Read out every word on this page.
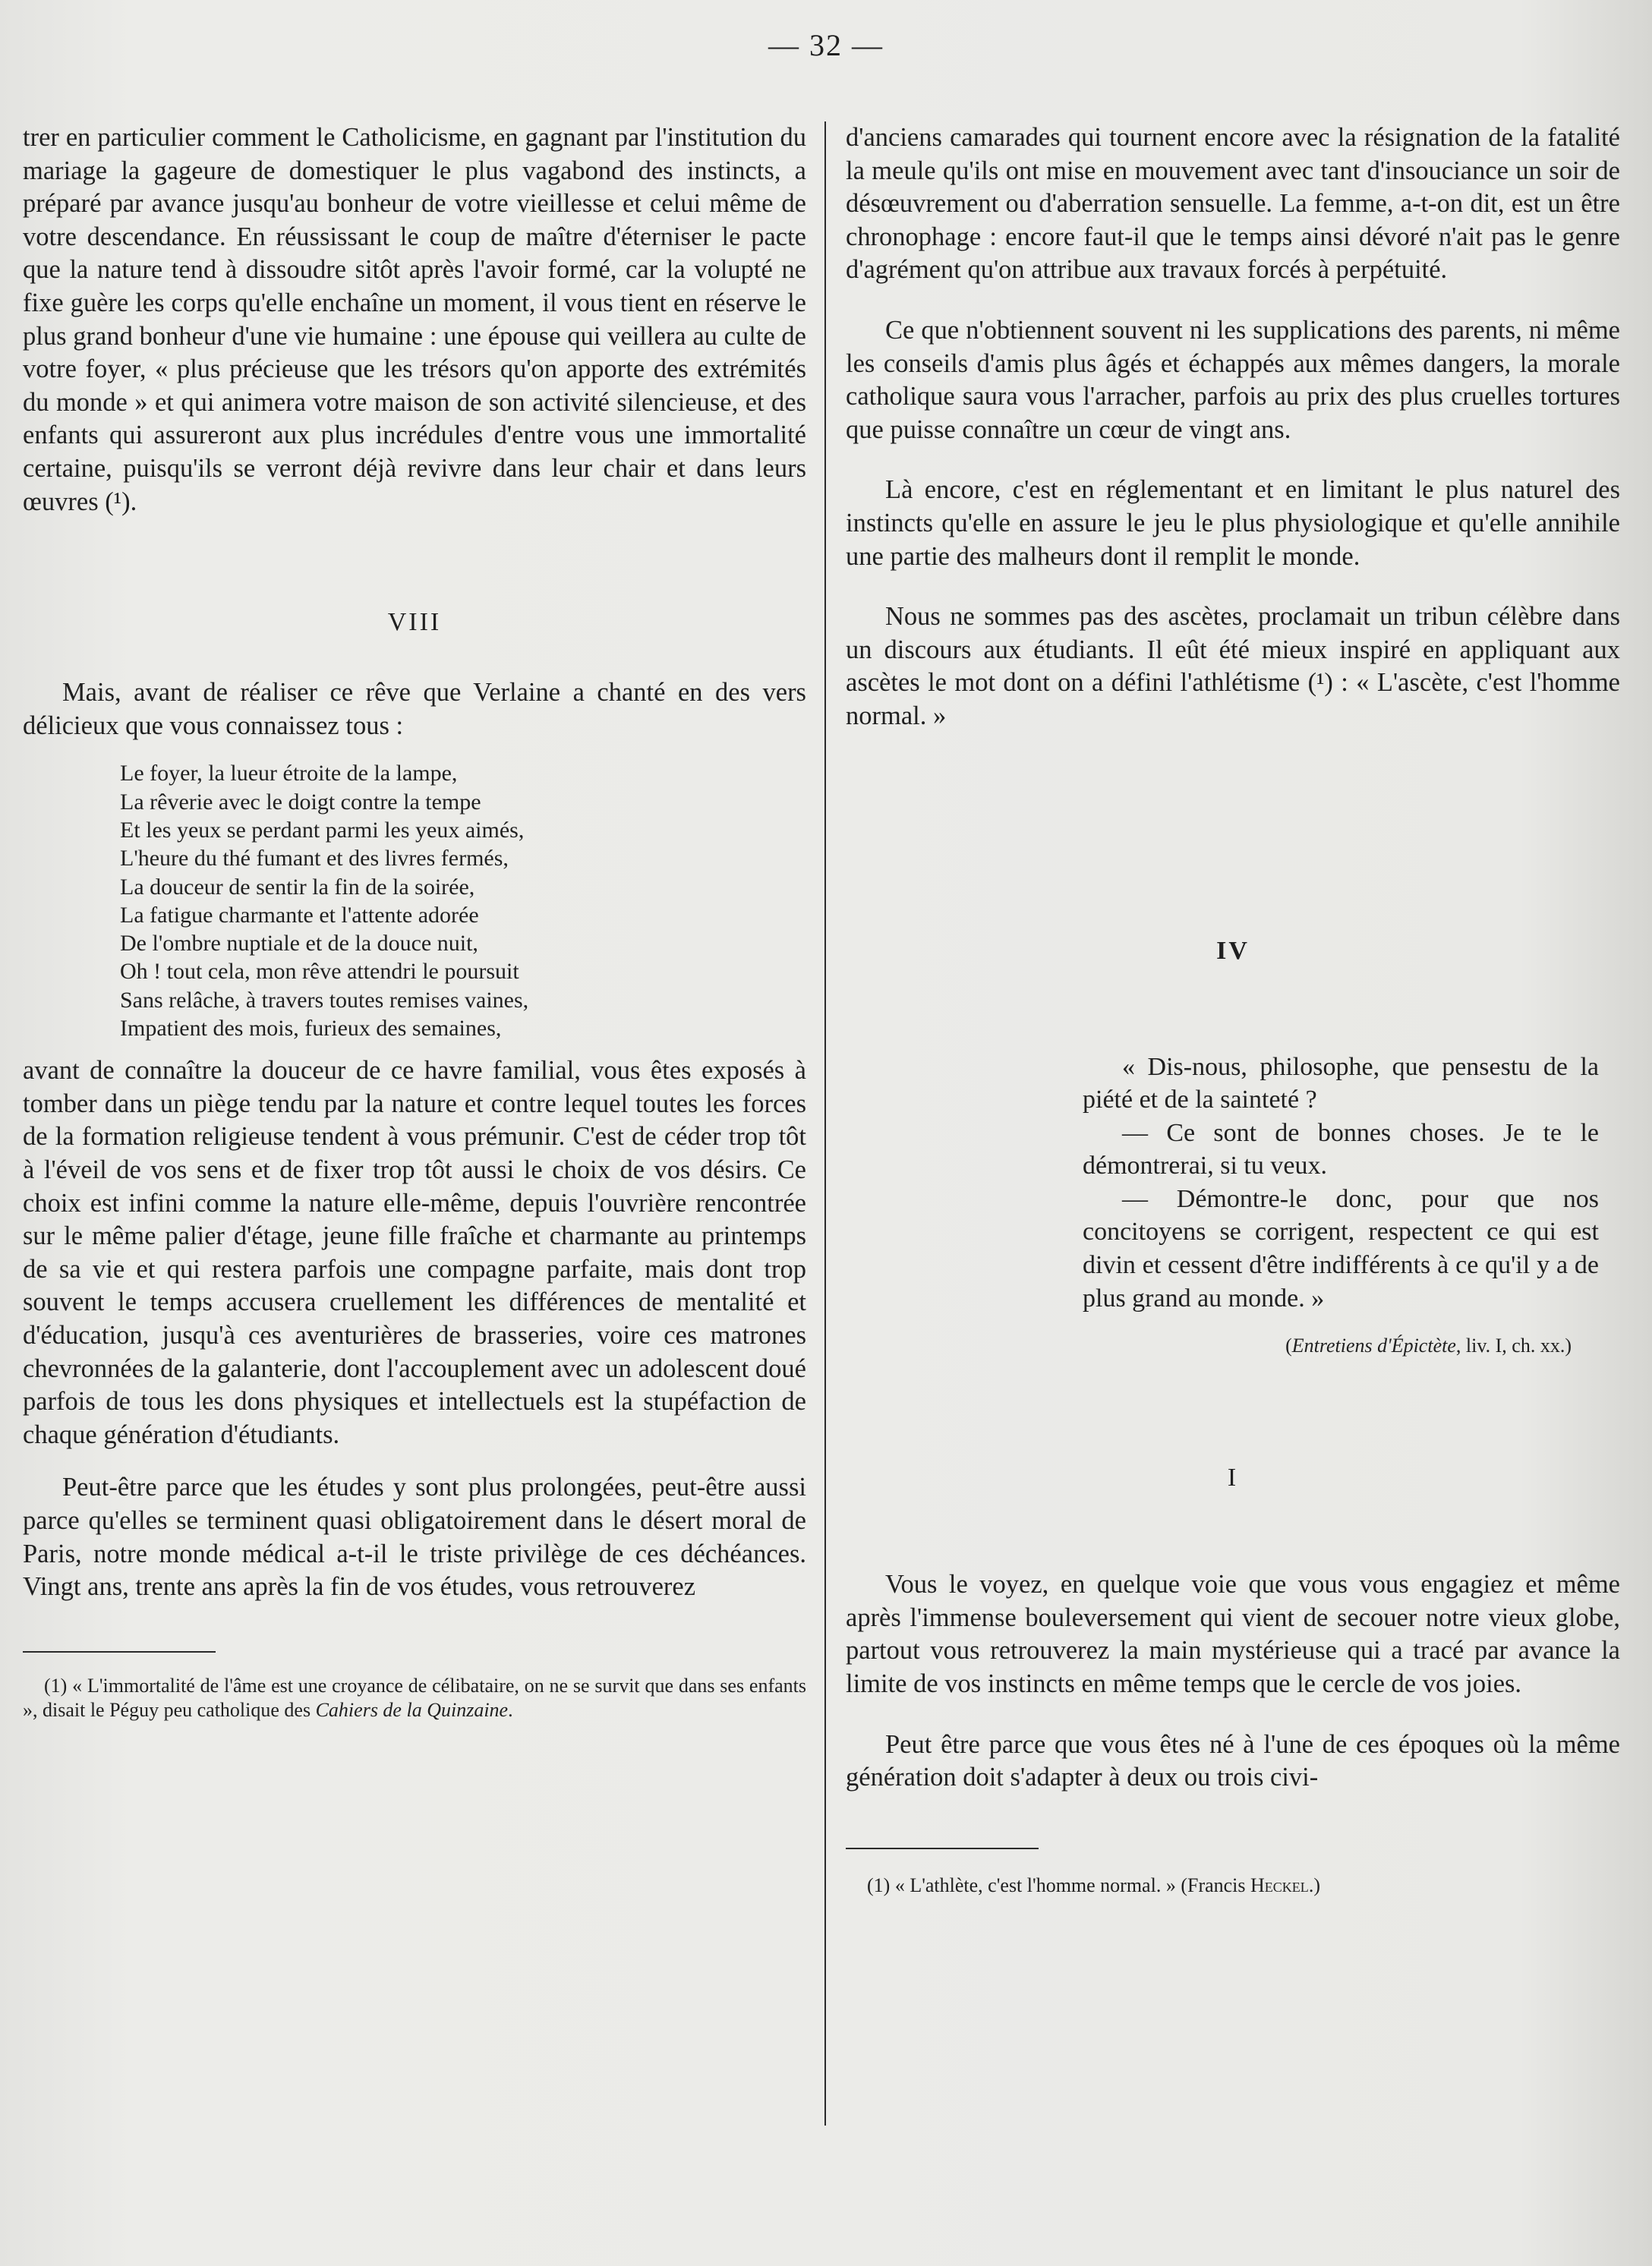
— 32 —

trer en particulier comment le Catholicisme, en gagnant par l'institution du mariage la gageure de domestiquer le plus vagabond des instincts, a préparé par avance jusqu'au bonheur de votre vieillesse et celui même de votre descendance. En réussissant le coup de maître d'éterniser le pacte que la nature tend à dissoudre sitôt après l'avoir formé, car la volupté ne fixe guère les corps qu'elle enchaîne un moment, il vous tient en réserve le plus grand bonheur d'une vie humaine : une épouse qui veillera au culte de votre foyer, « plus précieuse que les trésors qu'on apporte des extrémités du monde » et qui animera votre maison de son activité silencieuse, et des enfants qui assureront aux plus incrédules d'entre vous une immortalité certaine, puisqu'ils se verront déjà revivre dans leur chair et dans leurs œuvres (¹).

VIII

Mais, avant de réaliser ce rêve que Verlaine a chanté en des vers délicieux que vous connaissez tous :

Le foyer, la lueur étroite de la lampe,
La rêverie avec le doigt contre la tempe
Et les yeux se perdant parmi les yeux aimés,
L'heure du thé fumant et des livres fermés,
La douceur de sentir la fin de la soirée,
La fatigue charmante et l'attente adorée
De l'ombre nuptiale et de la douce nuit,
Oh ! tout cela, mon rêve attendri le poursuit
Sans relâche, à travers toutes remises vaines,
Impatient des mois, furieux des semaines,

avant de connaître la douceur de ce havre familial, vous êtes exposés à tomber dans un piège tendu par la nature et contre lequel toutes les forces de la formation religieuse tendent à vous prémunir. C'est de céder trop tôt à l'éveil de vos sens et de fixer trop tôt aussi le choix de vos désirs. Ce choix est infini comme la nature elle-même, depuis l'ouvrière rencontrée sur le même palier d'étage, jeune fille fraîche et charmante au printemps de sa vie et qui restera parfois une compagne parfaite, mais dont trop souvent le temps accusera cruellement les différences de mentalité et d'éducation, jusqu'à ces aventurières de brasseries, voire ces matrones chevronnées de la galanterie, dont l'accouplement avec un adolescent doué parfois de tous les dons physiques et intellectuels est la stupéfaction de chaque génération d'étudiants.

Peut-être parce que les études y sont plus prolongées, peut-être aussi parce qu'elles se terminent quasi obligatoirement dans le désert moral de Paris, notre monde médical a-t-il le triste privilège de ces déchéances. Vingt ans, trente ans après la fin de vos études, vous retrouverez

(1) « L'immortalité de l'âme est une croyance de célibataire, on ne se survit que dans ses enfants », disait le Péguy peu catholique des Cahiers de la Quinzaine.

d'anciens camarades qui tournent encore avec la résignation de la fatalité la meule qu'ils ont mise en mouvement avec tant d'insouciance un soir de désœuvrement ou d'aberration sensuelle. La femme, a-t-on dit, est un être chronophage : encore faut-il que le temps ainsi dévoré n'ait pas le genre d'agrément qu'on attribue aux travaux forcés à perpétuité.

Ce que n'obtiennent souvent ni les supplications des parents, ni même les conseils d'amis plus âgés et échappés aux mêmes dangers, la morale catholique saura vous l'arracher, parfois au prix des plus cruelles tortures que puisse connaître un cœur de vingt ans.

Là encore, c'est en réglementant et en limitant le plus naturel des instincts qu'elle en assure le jeu le plus physiologique et qu'elle annihile une partie des malheurs dont il remplit le monde.

Nous ne sommes pas des ascètes, proclamait un tribun célèbre dans un discours aux étudiants. Il eût été mieux inspiré en appliquant aux ascètes le mot dont on a défini l'athlétisme (¹) : « L'ascète, c'est l'homme normal. »

IV

« Dis-nous, philosophe, que pensestu de la piété et de la sainteté ?

— Ce sont de bonnes choses. Je te le démontrerai, si tu veux.

— Démontre-le donc, pour que nos concitoyens se corrigent, respectent ce qui est divin et cessent d'être indifférents à ce qu'il y a de plus grand au monde. »

(Entretiens d'Épictète, liv. I, ch. xx.)
I

Vous le voyez, en quelque voie que vous vous engagiez et même après l'immense bouleversement qui vient de secouer notre vieux globe, partout vous retrouverez la main mystérieuse qui a tracé par avance la limite de vos instincts en même temps que le cercle de vos joies.

Peut être parce que vous êtes né à l'une de ces époques où la même génération doit s'adapter à deux ou trois civi-

(1) « L'athlète, c'est l'homme normal. » (Francis Heckel.)
